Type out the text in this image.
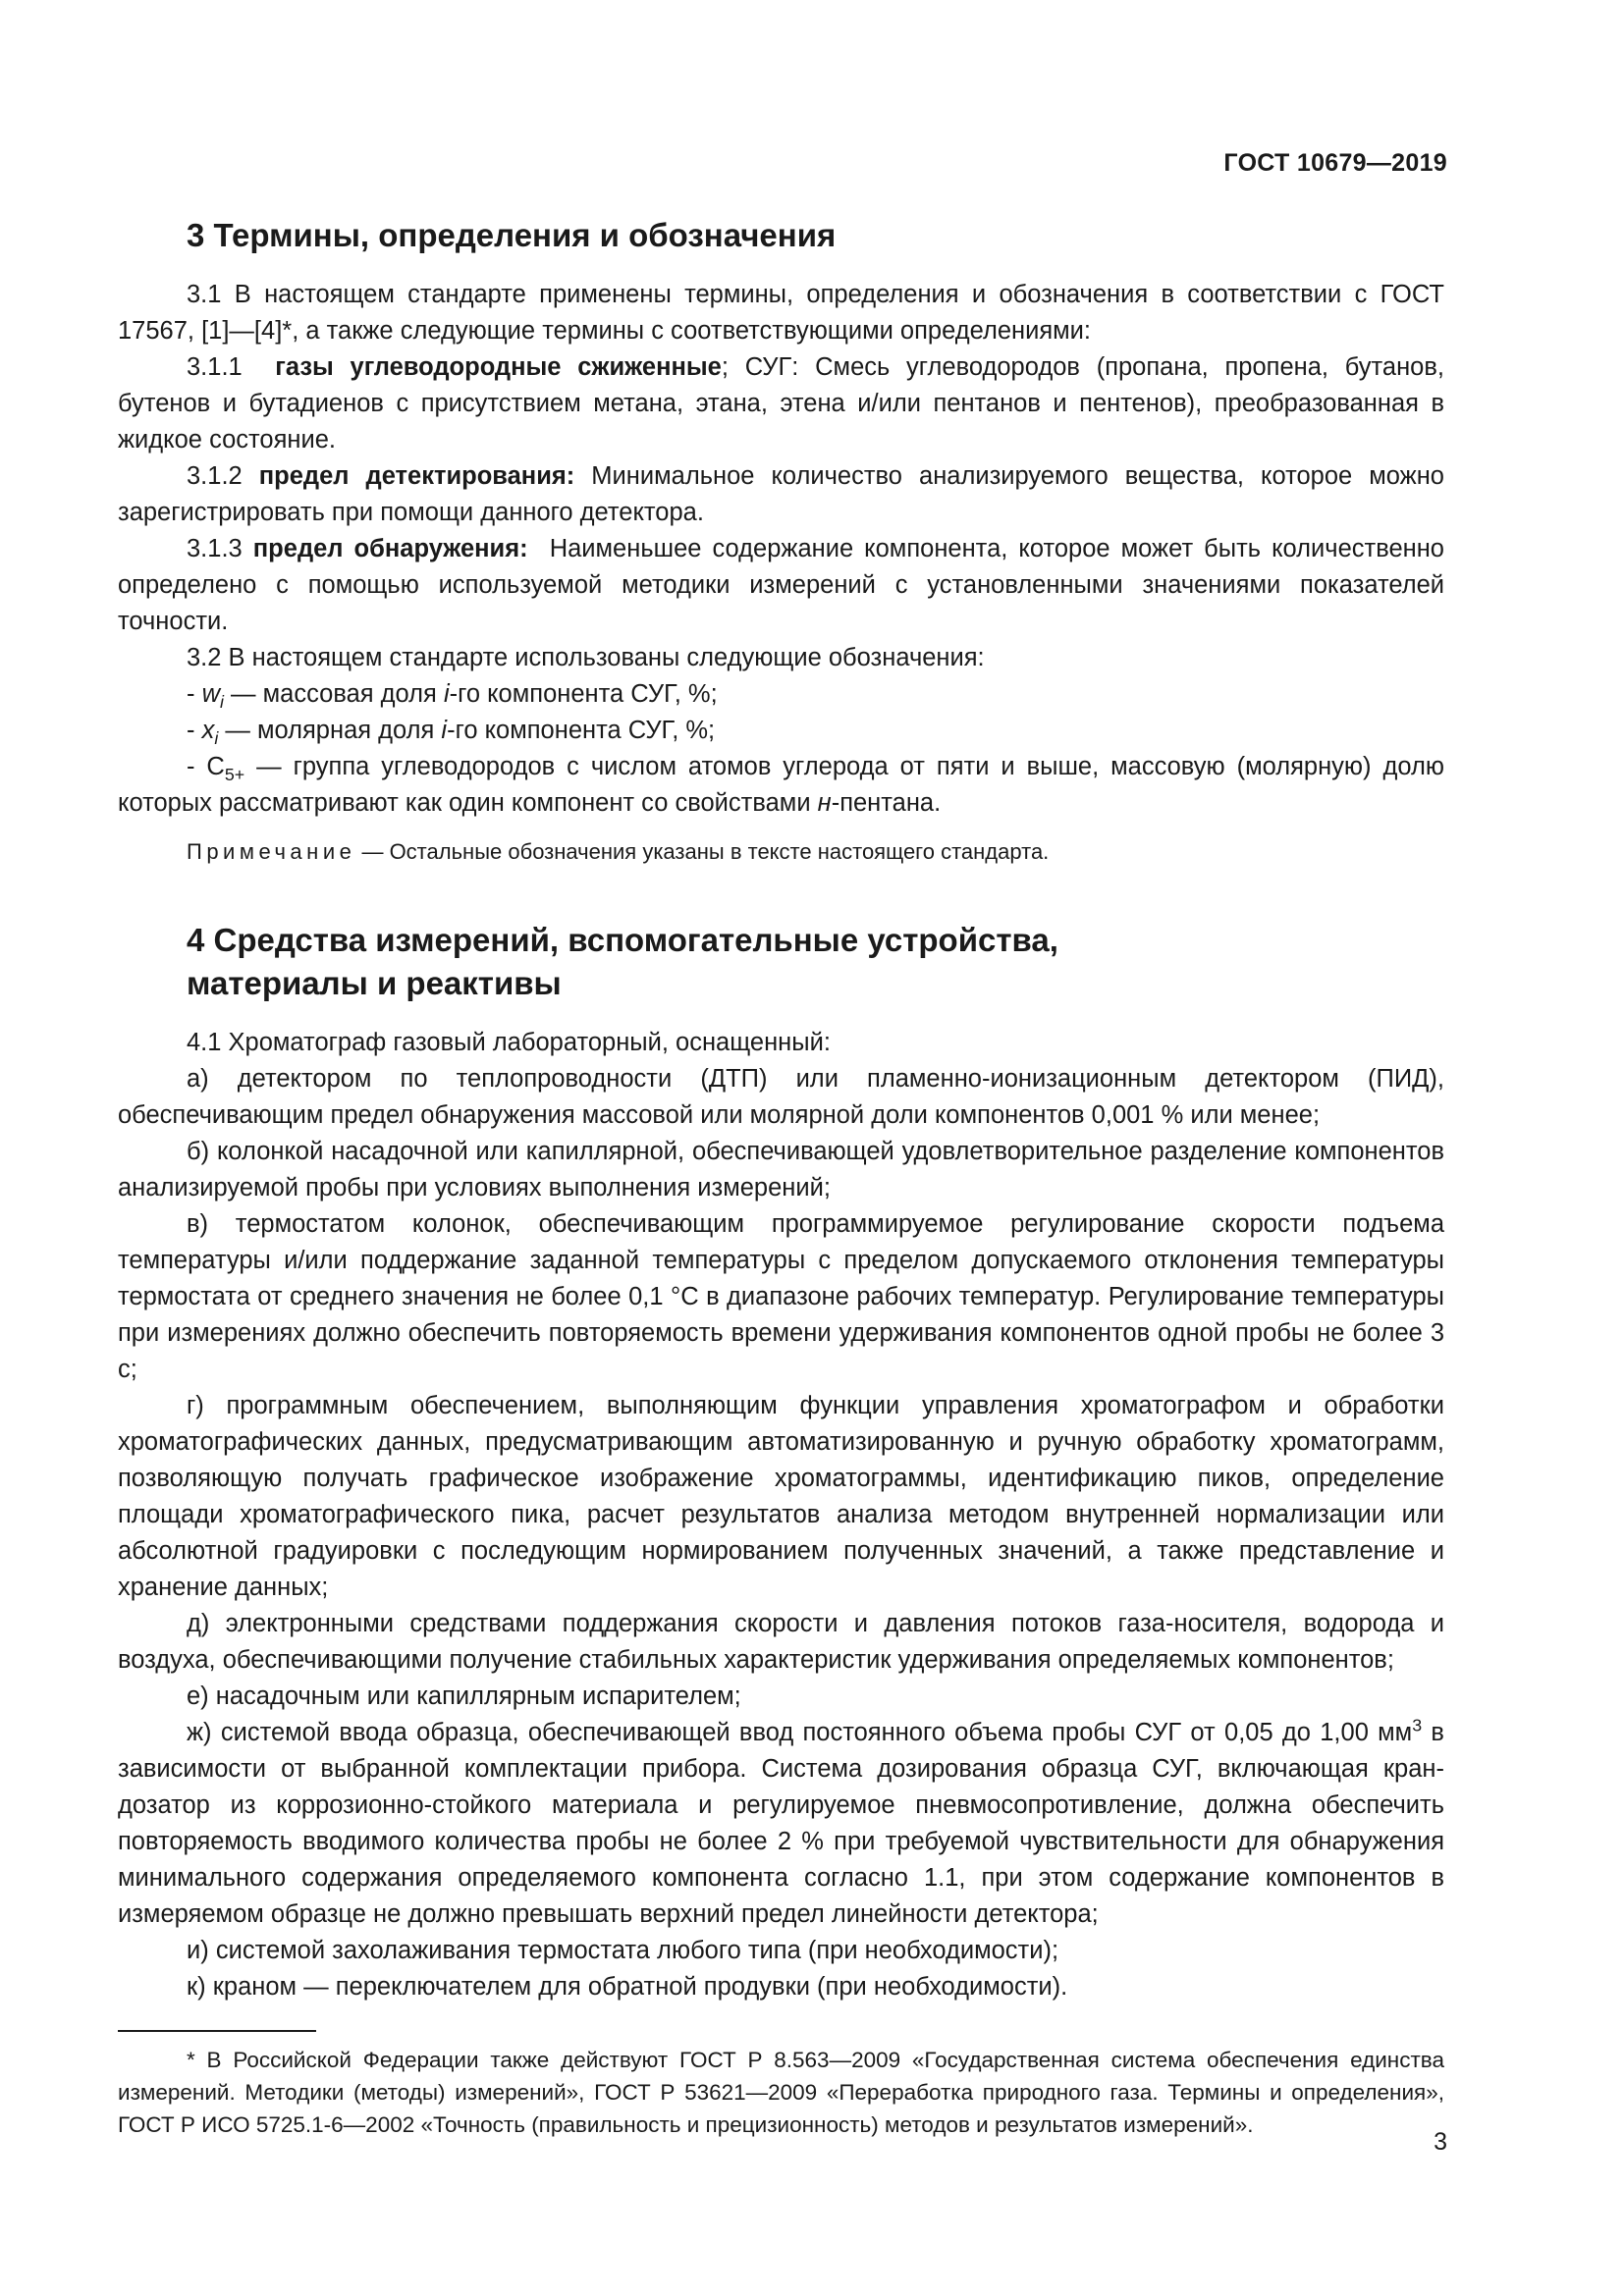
ГОСТ 10679—2019
3 Термины, определения и обозначения

3.1 В настоящем стандарте применены термины, определения и обозначения в соответствии с ГОСТ 17567, [1]—[4]*, а также следующие термины с соответствующими определениями:

3.1.1 газы углеводородные сжиженные; СУГ: Смесь углеводородов (пропана, пропена, бутанов, бутенов и бутадиенов с присутствием метана, этана, этена и/или пентанов и пентенов), преобразованная в жидкое состояние.

3.1.2 предел детектирования: Минимальное количество анализируемого вещества, которое можно зарегистрировать при помощи данного детектора.

3.1.3 предел обнаружения: Наименьшее содержание компонента, которое может быть количественно определено с помощью используемой методики измерений с установленными значениями показателей точности.

3.2 В настоящем стандарте использованы следующие обозначения:

- $w_i$ — массовая доля i-го компонента СУГ, %;

- $x_i$ — молярная доля i-го компонента СУГ, %;

- $C_{5+}$ — группа углеводородов с числом атомов углерода от пяти и выше, массовую (молярную) долю которых рассматривают как один компонент со свойствами н-пентана.

Примечание — Остальные обозначения указаны в тексте настоящего стандарта.

4 Средства измерений, вспомогательные устройства,
материалы и реактивы

4.1 Хроматограф газовый лабораторный, оснащенный:

а) детектором по теплопроводности (ДТП) или пламенно-ионизационным детектором (ПИД), обеспечивающим предел обнаружения массовой или молярной доли компонентов 0,001 % или менее;

б) колонкой насадочной или капиллярной, обеспечивающей удовлетворительное разделение компонентов анализируемой пробы при условиях выполнения измерений;

в) термостатом колонок, обеспечивающим программируемое регулирование скорости подъема температуры и/или поддержание заданной температуры с пределом допускаемого отклонения температуры термостата от среднего значения не более 0,1 °С в диапазоне рабочих температур. Регулирование температуры при измерениях должно обеспечить повторяемость времени удерживания компонентов одной пробы не более 3 с;

г) программным обеспечением, выполняющим функции управления хроматографом и обработки хроматографических данных, предусматривающим автоматизированную и ручную обработку хроматограмм, позволяющую получать графическое изображение хроматограммы, идентификацию пиков, определение площади хроматографического пика, расчет результатов анализа методом внутренней нормализации или абсолютной градуировки с последующим нормированием полученных значений, а также представление и хранение данных;

д) электронными средствами поддержания скорости и давления потоков газа-носителя, водорода и воздуха, обеспечивающими получение стабильных характеристик удерживания определяемых компонентов;

е) насадочным или капиллярным испарителем;

ж) системой ввода образца, обеспечивающей ввод постоянного объема пробы СУГ от 0,05 до 1,00 $мм^3$ в зависимости от выбранной комплектации прибора. Система дозирования образца СУГ, включающая кран-дозатор из коррозионно-стойкого материала и регулируемое пневмосопротивление, должна обеспечить повторяемость вводимого количества пробы не более 2 % при требуемой чувствительности для обнаружения минимального содержания определяемого компонента согласно 1.1, при этом содержание компонентов в измеряемом образце не должно превышать верхний предел линейности детектора;

и) системой захолаживания термостата любого типа (при необходимости);

к) краном — переключателем для обратной продувки (при необходимости).

* В Российской Федерации также действуют ГОСТ Р 8.563—2009 «Государственная система обеспечения единства измерений. Методики (методы) измерений», ГОСТ Р 53621—2009 «Переработка природного газа. Термины и определения», ГОСТ Р ИСО 5725.1-6—2002 «Точность (правильность и прецизионность) методов и результатов измерений».

3
